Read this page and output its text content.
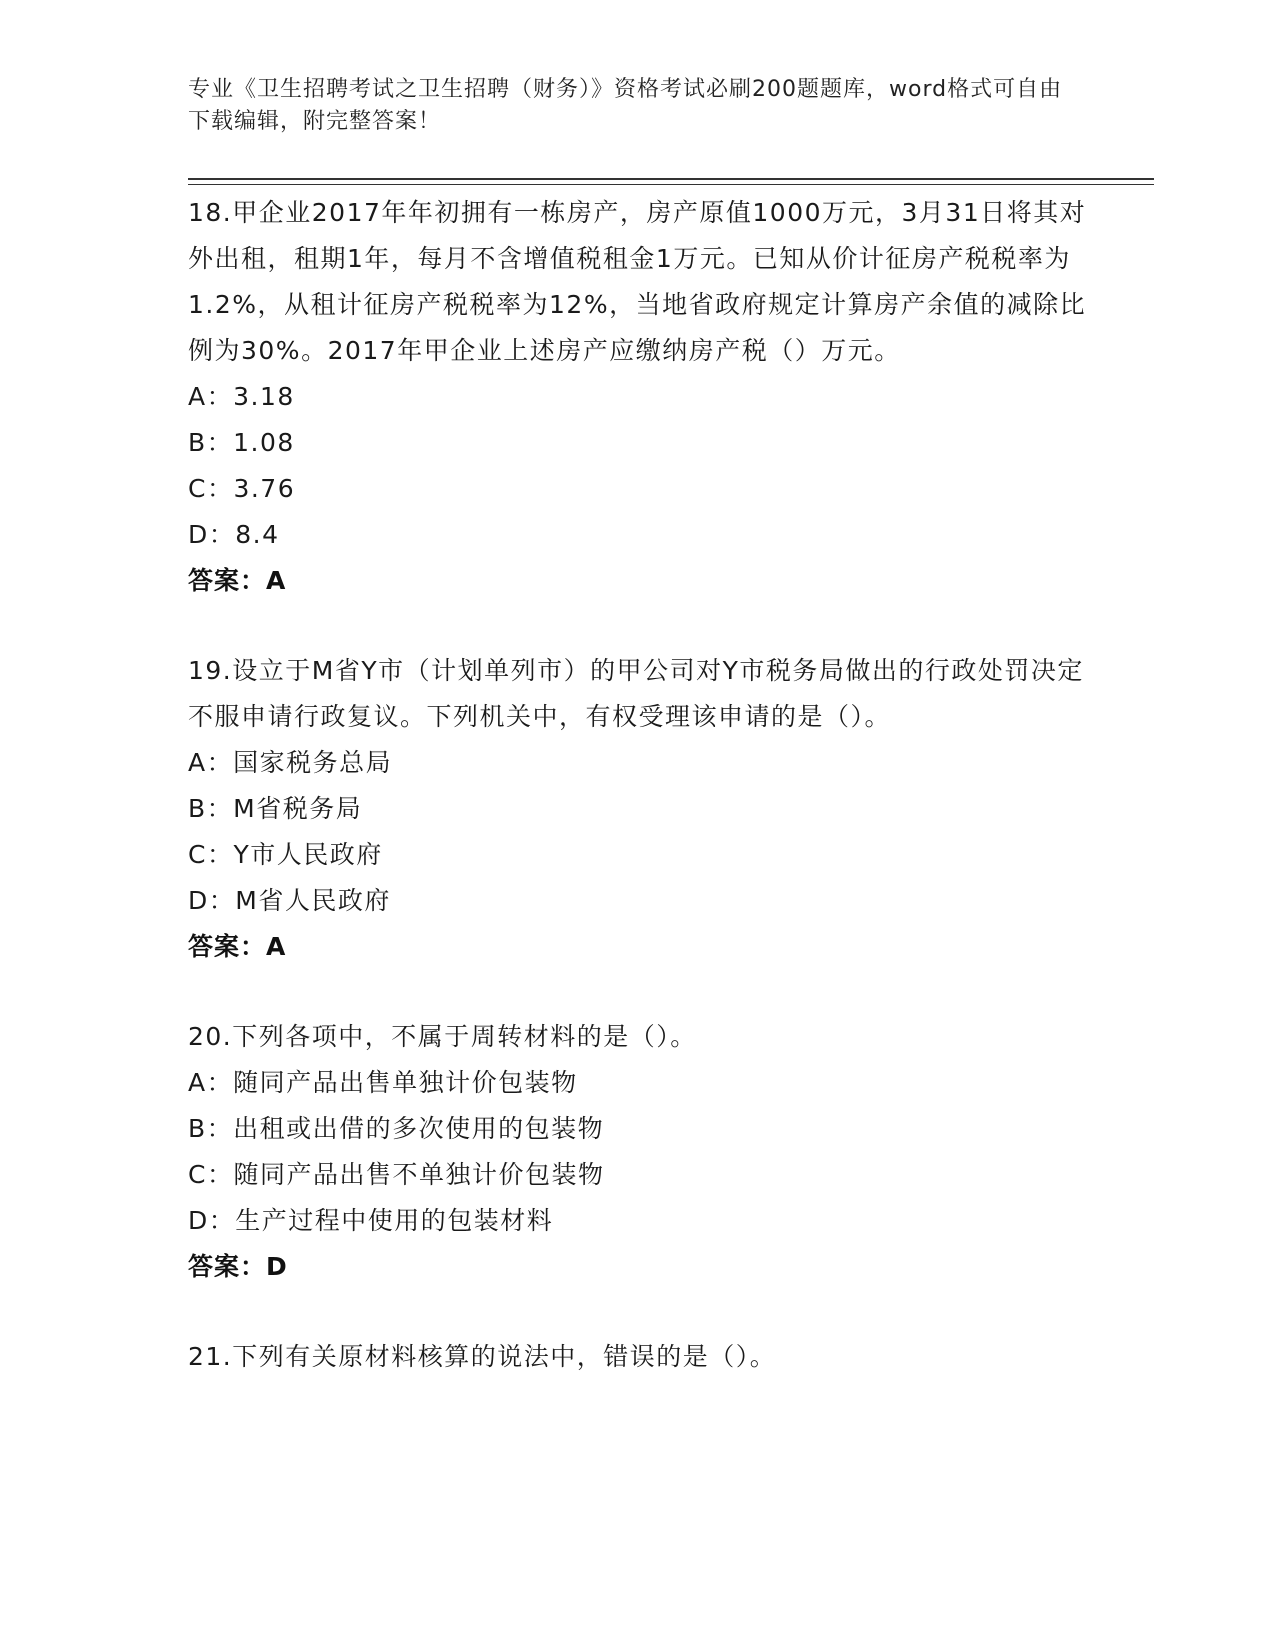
专业《卫生招聘考试之卫生招聘（财务）》资格考试必刷200题题库，word格式可自由下载编辑，附完整答案！

18.甲企业2017年年初拥有一栋房产，房产原值1000万元，3月31日将其对外出租，租期1年，每月不含增值税租金1万元。已知从价计征房产税税率为1.2%，从租计征房产税税率为12%，当地省政府规定计算房产余值的减除比例为30%。2017年甲企业上述房产应缴纳房产税（）万元。

A：3.18

B：1.08

C：3.76

D：8.4

答案：A

19.设立于M省Y市（计划单列市）的甲公司对Y市税务局做出的行政处罚决定不服申请行政复议。下列机关中，有权受理该申请的是（）。

A：国家税务总局

B：M省税务局

C：Y市人民政府

D：M省人民政府

答案：A

20.下列各项中，不属于周转材料的是（）。

A：随同产品出售单独计价包装物

B：出租或出借的多次使用的包装物

C：随同产品出售不单独计价包装物

D：生产过程中使用的包装材料

答案：D

21.下列有关原材料核算的说法中，错误的是（）。
